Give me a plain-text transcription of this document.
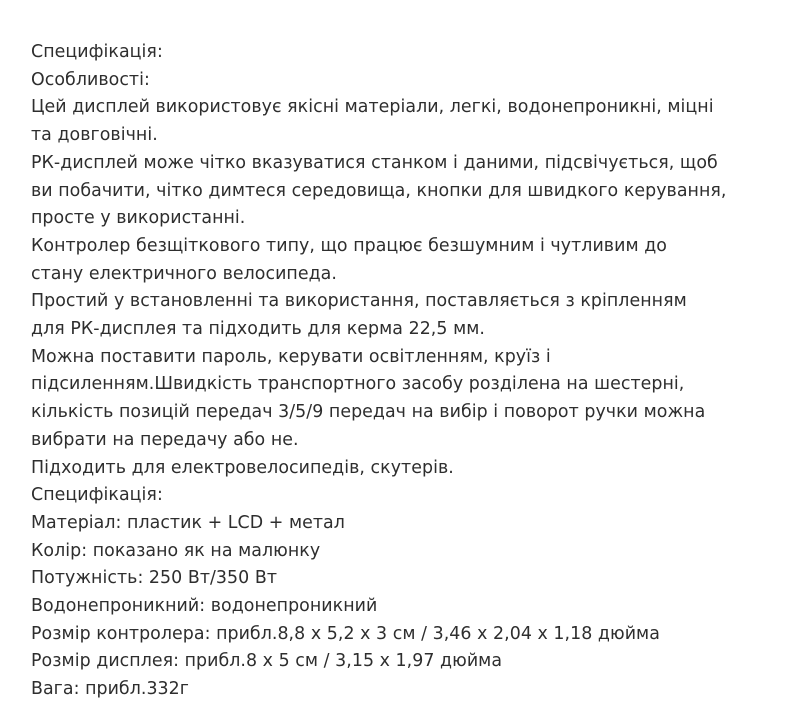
Специфікація:
Особливості:
Цей дисплей використовує якісні матеріали, легкі, водонепроникні, міцні
та довговічні.
РК-дисплей може чітко вказуватися станком і даними, підсвічується, щоб
ви побачити, чітко димтеся середовища, кнопки для швидкого керування,
просте у використанні.
Контролер безщіткового типу, що працює безшумним і чутливим до
стану електричного велосипеда.
Простий у встановленні та використання, поставляється з кріпленням
для РК-дисплея та підходить для керма 22,5 мм.
Можна поставити пароль, керувати освітленням, круїз і
підсиленням.Швидкість транспортного засобу розділена на шестерні,
кількість позицій передач 3/5/9 передач на вибір і поворот ручки можна
вибрати на передачу або не.
Підходить для електровелосипедів, скутерів.
Специфікація:
Матеріал: пластик + LCD + метал
Колір: показано як на малюнку
Потужність: 250 Вт/350 Вт
Водонепроникний: водонепроникний
Розмір контролера: прибл.8,8 x 5,2 x 3 см / 3,46 x 2,04 x 1,18 дюйма
Розмір дисплея: прибл.8 x 5 см / 3,15 x 1,97 дюйма
Вага: прибл.332г
